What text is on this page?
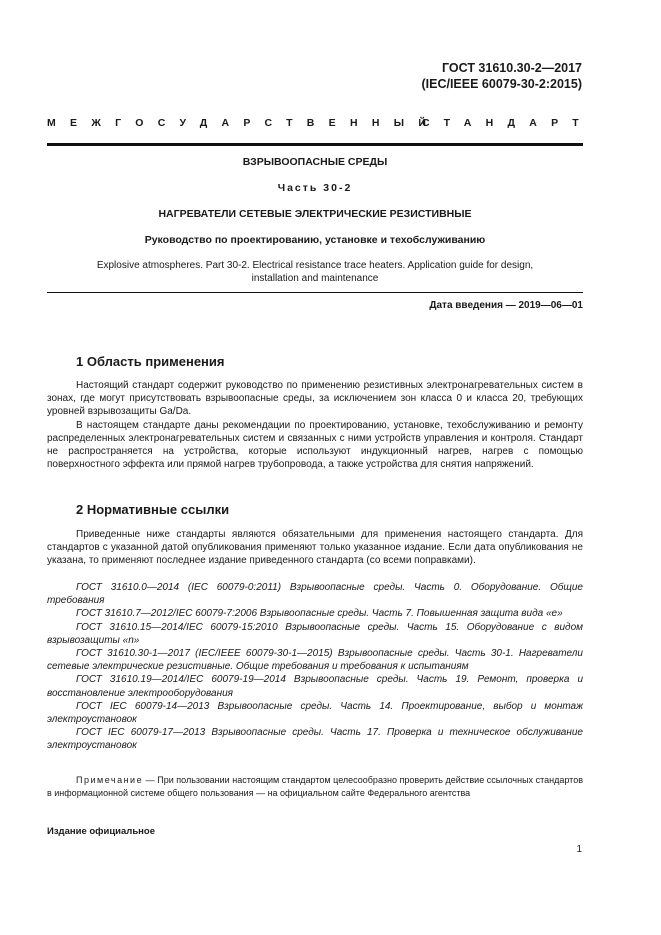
ГОСТ 31610.30-2—2017
(IEC/IEEE 60079-30-2:2015)
МЕЖГОСУДАРСТВЕННЫЙ
СТАНДАРТ
ВЗРЫВООПАСНЫЕ СРЕДЫ
Часть 30-2
НАГРЕВАТЕЛИ СЕТЕВЫЕ ЭЛЕКТРИЧЕСКИЕ РЕЗИСТИВНЫЕ
Руководство по проектированию, установке и техобслуживанию
Explosive atmospheres. Part 30-2. Electrical resistance trace heaters. Application guide for design,
installation and maintenance
Дата введения — 2019—06—01
1 Область применения

Настоящий стандарт содержит руководство по применению резистивных электронагревательных систем в зонах, где могут присутствовать взрывоопасные среды, за исключением зон класса 0 и класса 20, требующих уровней взрывозащиты Ga/Da.

В настоящем стандарте даны рекомендации по проектированию, установке, техобслуживанию и ремонту распределенных электронагревательных систем и связанных с ними устройств управления и контроля. Стандарт не распространяется на устройства, которые используют индукционный нагрев, нагрев с помощью поверхностного эффекта или прямой нагрев трубопровода, а также устройства для снятия напряжений.

2 Нормативные ссылки

Приведенные ниже стандарты являются обязательными для применения настоящего стандарта. Для стандартов с указанной датой опубликования применяют только указанное издание. Если дата опубликования не указана, то применяют последнее издание приведенного стандарта (со всеми поправками).

ГОСТ 31610.0—2014 (IEC 60079-0:2011) Взрывоопасные среды. Часть 0. Оборудование. Общие требования

ГОСТ 31610.7—2012/IEC 60079-7:2006 Взрывоопасные среды. Часть 7. Повышенная защита вида «е»

ГОСТ 31610.15—2014/IEC 60079-15:2010 Взрывоопасные среды. Часть 15. Оборудование с видом взрывозащиты «n»

ГОСТ 31610.30-1—2017 (IEC/IEEE 60079-30-1—2015) Взрывоопасные среды. Часть 30-1. Нагреватели сетевые электрические резистивные. Общие требования и требования к испытаниям

ГОСТ 31610.19—2014/IEC 60079-19—2014 Взрывоопасные среды. Часть 19. Ремонт, проверка и восстановление электрооборудования

ГОСТ IEC 60079-14—2013 Взрывоопасные среды. Часть 14. Проектирование, выбор и монтаж электроустановок

ГОСТ IEC 60079-17—2013 Взрывоопасные среды. Часть 17. Проверка и техническое обслуживание электроустановок

Примечание — При пользовании настоящим стандартом целесообразно проверить действие ссылочных стандартов в информационной системе общего пользования — на официальном сайте Федерального агентства

Издание официальное
1
